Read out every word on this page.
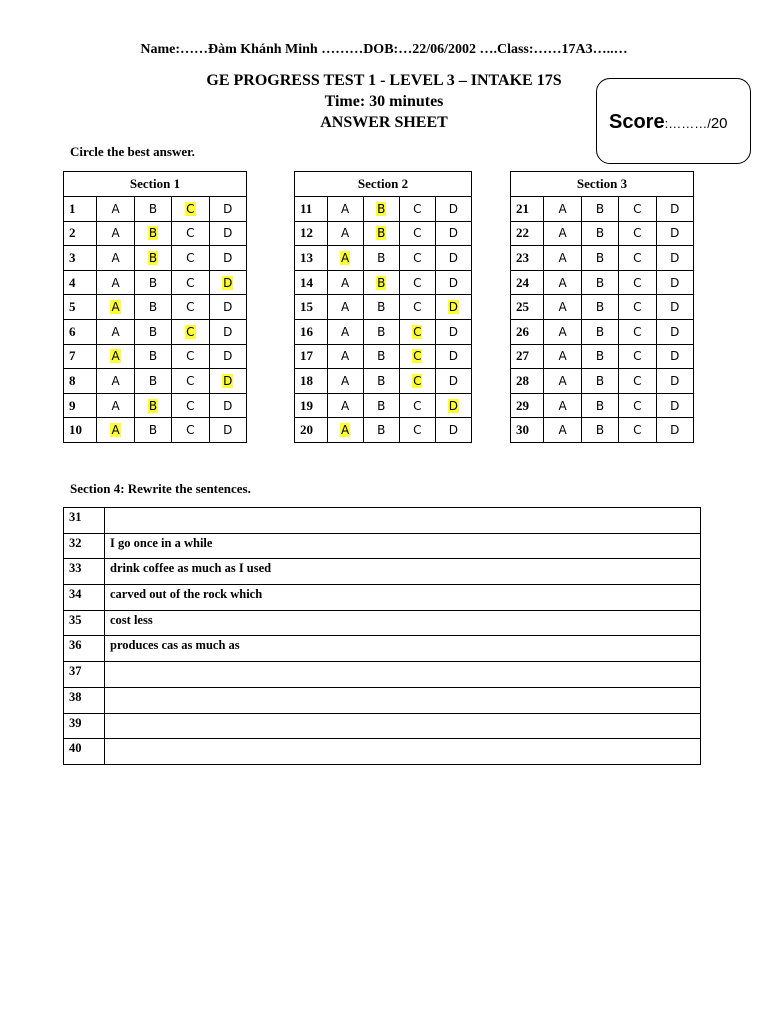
Name:……Đàm Khánh Minh ………DOB:…22/06/2002 ….Class:……17A3…..…
GE PROGRESS TEST 1 - LEVEL 3 – INTAKE 17S
Time: 30 minutes
ANSWER SHEET	Score:………/20
Circle the best answer.
Section 1				
1	A	B	C	D
2	A	B	C	D
3	A	B	C	D
4	A	B	C	D
5	A	B	C	D
6	A	B	C	D
7	A	B	C	D
8	A	B	C	D
9	A	B	C	D
10	A	B	C	D
Section 2				
11	A	B	C	D
12	A	B	C	D
13	A	B	C	D
14	A	B	C	D
15	A	B	C	D
16	A	B	C	D
17	A	B	C	D
18	A	B	C	D
19	A	B	C	D
20	A	B	C	D
Section 3				
21	A	B	C	D
22	A	B	C	D
23	A	B	C	D
24	A	B	C	D
25	A	B	C	D
26	A	B	C	D
27	A	B	C	D
28	A	B	C	D
29	A	B	C	D
30	A	B	C	D
Section 4: Rewrite the sentences.
31	
32	I go once in a while
33	drink coffee as much as I used
34	carved out of the rock which
35	cost less
36	produces cas as much as
37	
38	
39	
40	
